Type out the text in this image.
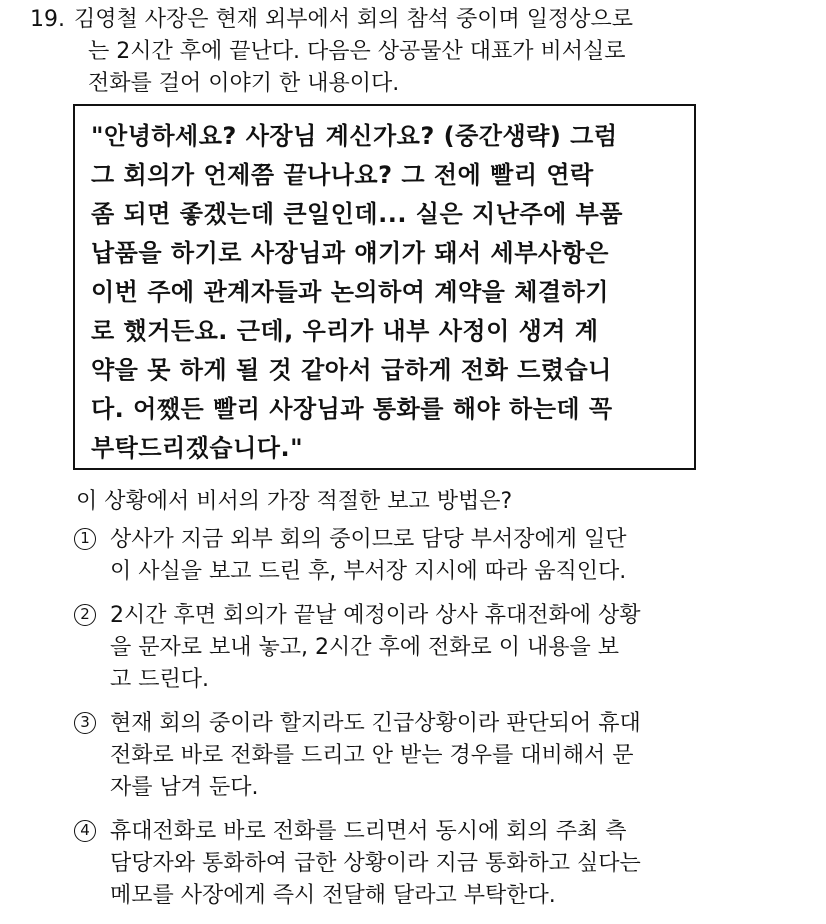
19. 김영철 사장은 현재 외부에서 회의 참석 중이며 일정상으로
는 2시간 후에 끝난다. 다음은 상공물산 대표가 비서실로
전화를 걸어 이야기 한 내용이다.
"안녕하세요? 사장님 계신가요? (중간생략) 그럼
그 회의가 언제쯤 끝나나요? 그 전에 빨리 연락
좀 되면 좋겠는데 큰일인데... 실은 지난주에 부품
납품을 하기로 사장님과 얘기가 돼서 세부사항은
이번 주에 관계자들과 논의하여 계약을 체결하기
로 했거든요. 근데, 우리가 내부 사정이 생겨 계
약을 못 하게 될 것 같아서 급하게 전화 드렸습니
다. 어쨌든 빨리 사장님과 통화를 해야 하는데 꼭
부탁드리겠습니다."
이 상황에서 비서의 가장 적절한 보고 방법은?
1 상사가 지금 외부 회의 중이므로 담당 부서장에게 일단
이 사실을 보고 드린 후, 부서장 지시에 따라 움직인다.
2 2시간 후면 회의가 끝날 예정이라 상사 휴대전화에 상황
을 문자로 보내 놓고, 2시간 후에 전화로 이 내용을 보
고 드린다.
3 현재 회의 중이라 할지라도 긴급상황이라 판단되어 휴대
전화로 바로 전화를 드리고 안 받는 경우를 대비해서 문
자를 남겨 둔다.
4 휴대전화로 바로 전화를 드리면서 동시에 회의 주최 측
담당자와 통화하여 급한 상황이라 지금 통화하고 싶다는
메모를 사장에게 즉시 전달해 달라고 부탁한다.
